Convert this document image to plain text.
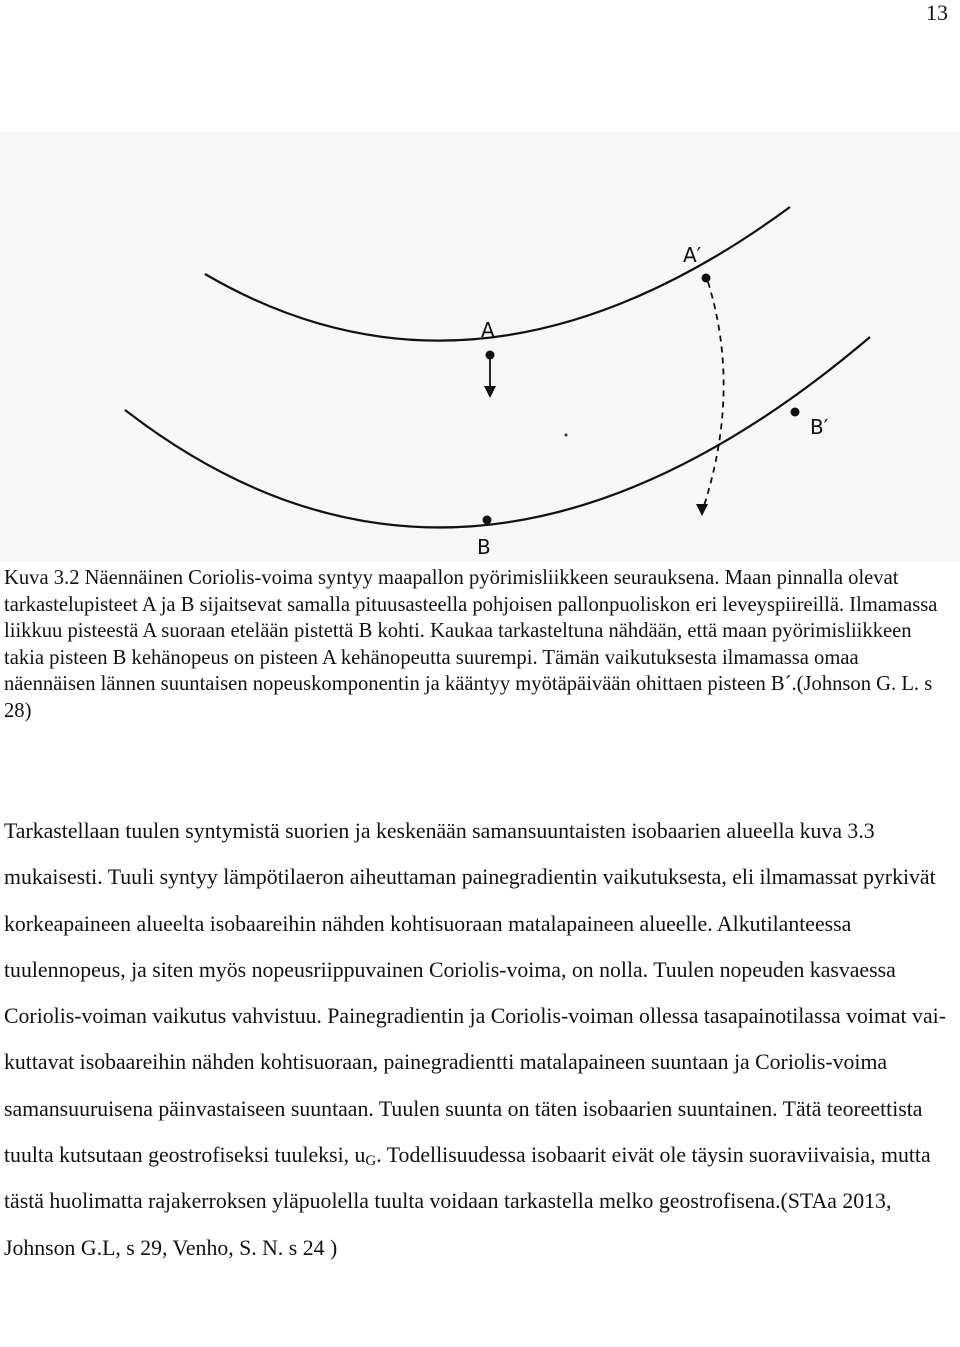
13
A
A′
B
B′

Kuva 3.2 Näennäinen Coriolis-voima syntyy maapallon pyörimisliikkeen seurauksena. Maan pinnalla olevat tarkastelupisteet A ja B sijaitsevat samalla pituusasteella pohjoisen pallonpuoliskon eri leveyspiireillä. Ilmamassa liikkuu pisteestä A suoraan etelään pistettä B kohti. Kaukaa tarkasteltuna nähdään, että maan pyörimisliikkeen takia pisteen B kehänopeus on pisteen A kehänopeutta suurempi. Tämän vaikutuksesta ilmamassa omaa näennäisen lännen suuntaisen nopeuskomponentin ja kääntyy myötäpäivään ohittaen pisteen B´.(Johnson G. L. s 28)

Tarkastellaan tuulen syntymistä suorien ja keskenään samansuuntaisten isobaarien alueella kuva 3.3 mukaisesti. Tuuli syntyy lämpötilaeron aiheuttaman painegradientin vaikutuksesta, eli ilmamassat pyrkivät korkeapaineen alueelta isobaareihin nähden kohtisuoraan matalapaineen alueelle. Alkutilanteessa tuulennopeus, ja siten myös nopeusriippuvainen Coriolis-voima, on nolla. Tuulen nopeuden kasvaessa Coriolis-voiman vaikutus vahvistuu. Painegradientin ja Coriolis-voiman ollessa tasapainotilassa voimat vaikuttavat isobaareihin nähden kohtisuoraan, painegradientti matalapaineen suuntaan ja Coriolis-voima samansuuruisena päinvastaiseen suuntaan. Tuulen suunta on täten isobaarien suuntainen. Tätä teoreettista tuulta kutsutaan geostrofiseksi tuuleksi, $u_G$. Todellisuudessa isobaarit eivät ole täysin suoraviivaisia, mutta tästä huolimatta rajakerroksen yläpuolella tuulta voidaan tarkastella melko geostrofisena.(STAa 2013, Johnson G.L, s 29, Venho, S. N. s 24 )
